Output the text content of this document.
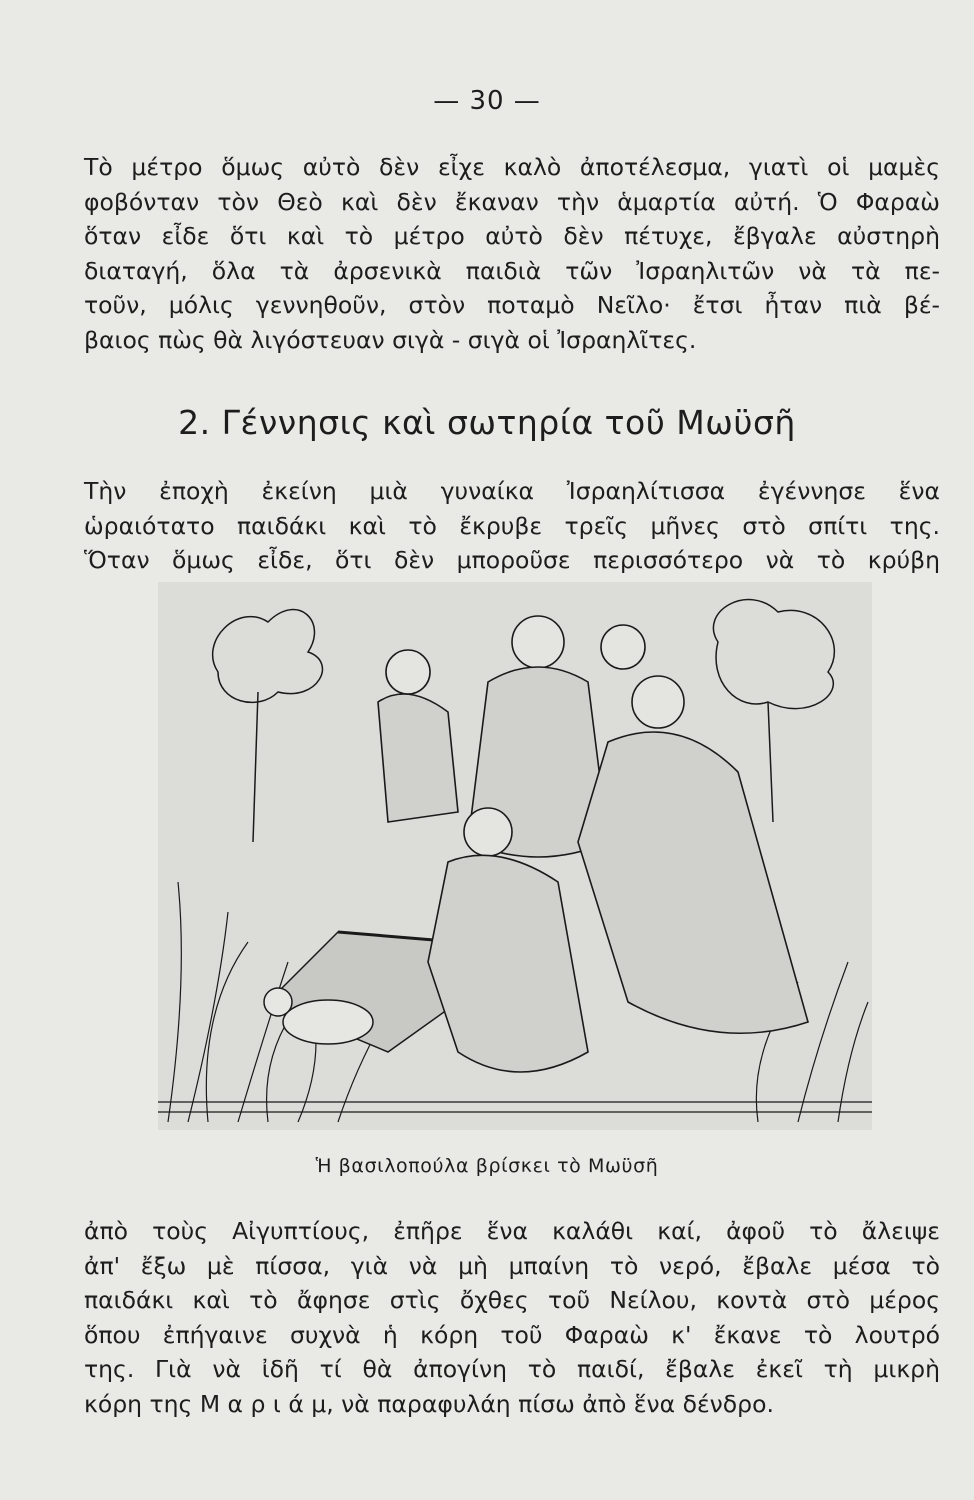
— 30 —
Τὸ μέτρο ὅμως αὐτὸ δὲν εἶχε καλὸ ἀποτέλεσμα, γιατὶ οἱ μαμὲς
φοβόνταν τὸν Θεὸ καὶ δὲν ἔκαναν τὴν ἁμαρτία αὐτή. Ὁ Φαραὼ
ὅταν εἶδε ὅτι καὶ τὸ μέτρο αὐτὸ δὲν πέτυχε, ἔβγαλε αὐστηρὴ
διαταγή, ὅλα τὰ ἀρσενικὰ παιδιὰ τῶν Ἰσραηλιτῶν νὰ τὰ πε-
τοῦν, μόλις γεννηθοῦν, στὸν ποταμὸ Νεῖλο· ἔτσι ἦταν πιὰ βέ-
βαιος πὼς θὰ λιγόστευαν σιγὰ - σιγὰ οἱ Ἰσραηλῖτες.
2. Γέννησις καὶ σωτηρία τοῦ Μωϋσῆ
Τὴν ἐποχὴ ἐκείνη μιὰ γυναίκα Ἰσραηλίτισσα ἐγέννησε ἕνα
ὡραιότατο παιδάκι καὶ τὸ ἔκρυβε τρεῖς μῆνες στὸ σπίτι της.
Ὅταν ὅμως εἶδε, ὅτι δὲν μποροῦσε περισσότερο νὰ τὸ κρύβη
Ἡ βασιλοπούλα βρίσκει τὸ Μωϋσῆ
ἀπὸ τοὺς Αἰγυπτίους, ἐπῆρε ἕνα καλάθι καί, ἀφοῦ τὸ ἄλειψε
ἀπ' ἔξω μὲ πίσσα, γιὰ νὰ μὴ μπαίνη τὸ νερό, ἔβαλε μέσα τὸ
παιδάκι καὶ τὸ ἄφησε στὶς ὄχθες τοῦ Νείλου, κοντὰ στὸ μέρος
ὅπου ἐπήγαινε συχνὰ ἡ κόρη τοῦ Φαραὼ κ' ἔκανε τὸ λουτρό
της. Γιὰ νὰ ἰδῆ τί θὰ ἀπογίνη τὸ παιδί, ἔβαλε ἐκεῖ τὴ μικρὴ
κόρη της Μ α ρ ι ά μ, νὰ παραφυλάη πίσω ἀπὸ ἕνα δένδρο.
